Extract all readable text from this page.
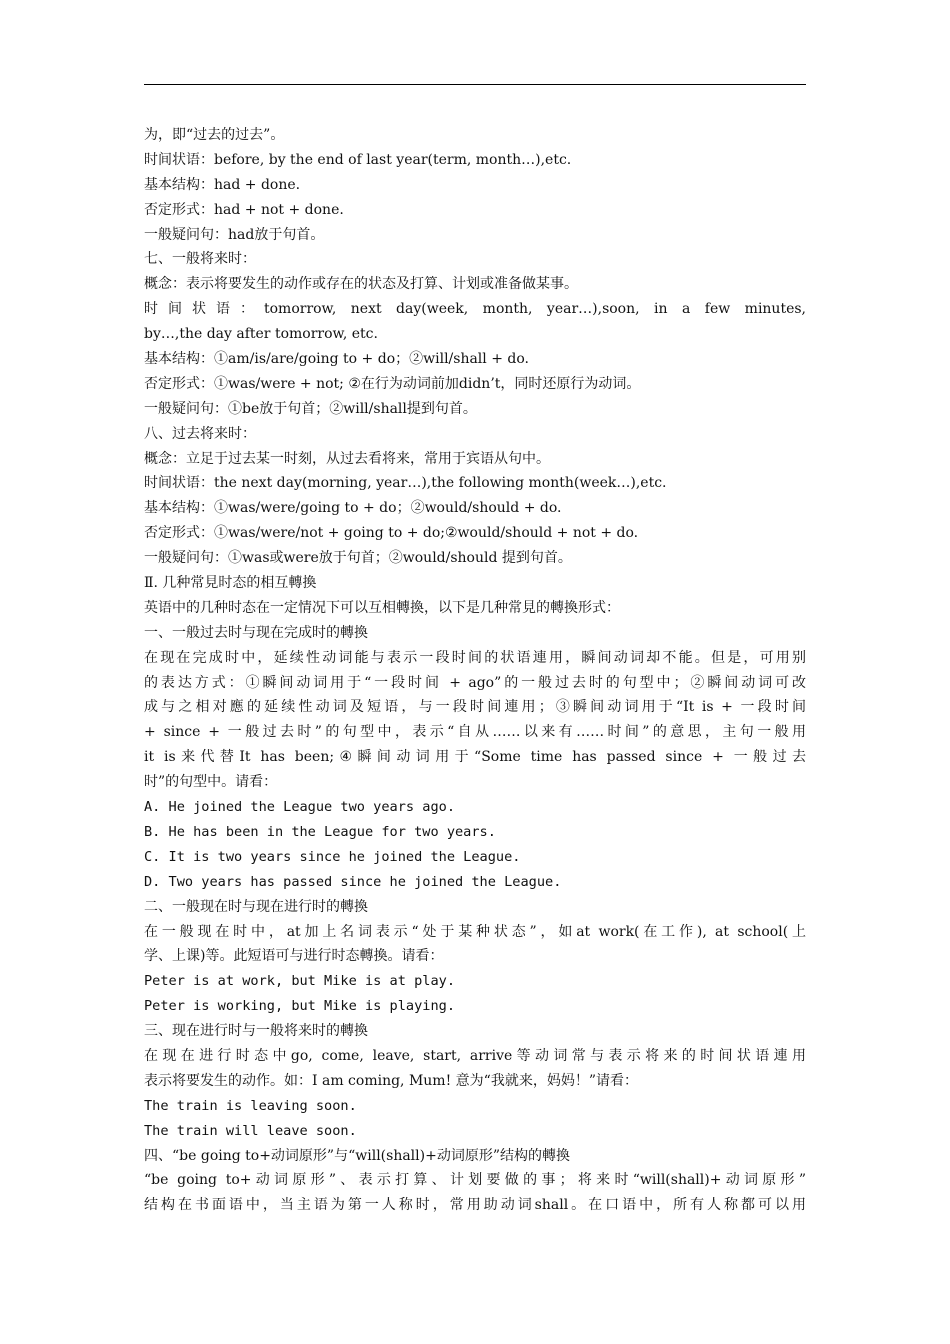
为，即“过去的过去”。
时间状语：before, by the end of last year(term, month…),etc.
基本结构：had + done.
否定形式：had + not + done.
一般疑问句：had放于句首。
七、一般将来时：
概念：表示将要发生的动作或存在的状态及打算、计划或准备做某事。
时间状语：tomorrow, next day(week, month, year…),soon, in a few minutes,
by…,the day after tomorrow, etc.
基本结构：①am/is/are/going to + do；②will/shall + do.
否定形式：①was/were + not; ②在行为动词前加didn’t，同时还原行为动词。
一般疑问句：①be放于句首；②will/shall提到句首。
八、过去将来时：
概念：立足于过去某一时刻，从过去看将来，常用于宾语从句中。
时间状语：the next day(morning, year…),the following month(week…),etc.
基本结构：①was/were/going to + do；②would/should + do.
否定形式：①was/were/not + going to + do;②would/should + not + do.
一般疑问句：①was或were放于句首；②would/should 提到句首。
Ⅱ. 几种常見时态的相互轉換
英语中的几种时态在一定情况下可以互相轉換，以下是几种常見的轉換形式：
一、一般过去时与现在完成时的轉換
在现在完成时中，延续性动词能与表示一段时间的状语連用，瞬间动词却不能。但是，可用别
的表达方式：①瞬间动词用于“一段时间 + ago”的一般过去时的句型中；②瞬间动词可改
成与之相对應的延续性动词及短语，与一段时间連用；③瞬间动词用于“It is + 一段时间
+ since + 一般过去时”的句型中，表示“自从……以来有……时间”的意思，主句一般用
it is来代替It has been;④瞬间动词用于“Some time has passed since + 一般过去
时”的句型中。请看：
A. He joined the League two years ago.
B. He has been in the League for two years.
C. It is two years since he joined the League.
D. Two years has passed since he joined the League.
二、一般现在时与现在进行时的轉換
在一般现在时中，at加上名词表示“处于某种状态”，如at work(在工作), at school(上
学、上课)等。此短语可与进行时态轉換。请看：
Peter is at work, but Mike is at play.
Peter is working, but Mike is playing.
三、现在进行时与一般将来时的轉換
在现在进行时态中go, come, leave, start, arrive等动词常与表示将来的时间状语連用
表示将要发生的动作。如：I am coming, Mum! 意为“我就来，妈妈！”请看：
The train is leaving soon.
The train will leave soon.
四、“be going to+动词原形”与“will(shall)+动词原形”结构的轉換
“be going to+动词原形”、表示打算、计划要做的事；将来时“will(shall)+动词原形”
结构在书面语中，当主语为第一人称时，常用助动词shall。在口语中，所有人称都可以用
